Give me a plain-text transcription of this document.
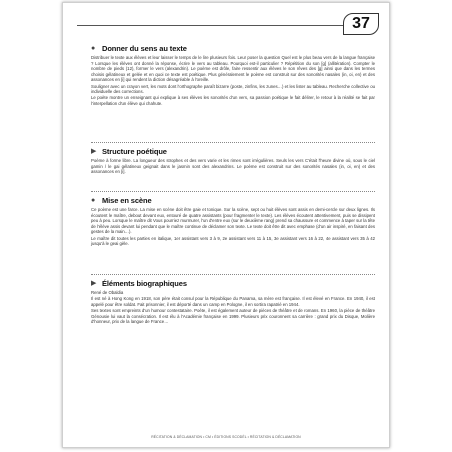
37
● Donner du sens au texte

Distribuer le texte aux élèves et leur laisser le temps de le lire plusieurs fois. Leur poser la question Quel est le plus beau vers de la langue française ? Lorsque les élèves ont donné la réponse, écrire le vers au tableau. Pourquoi est-il particulier ? Répétition du son [g] (allitération). Compter le nombre de pieds (12), former le vers (alexandrin). Le poème est drôle, faire ressentir aux élèves le son rêves des [g] ainsi que dans les termes choisis gélatineux et gelée et en quoi ce texte est poétique. Plus généralement le poème est construit sur des sonorités nasales (in, oi, en) et des assonances en [i] qui rendent la diction désagréable à l'oreille.

Souligner avec un crayon vert, les mots dont l'orthographe paraît bizarre (poste, zinfins, les zunes…) et les lister au tableau. Recherche collective ou individuelle des corrections.

Le poète montre un enseignant qui explique à ses élèves les sonorités d'un vers, sa passion poétique le fait délirer, le retour à la réalité se fait par l'interpellation d'un élève qui chahute.

▶ Structure poétique

Poème à forme libre. La longueur des strophes et des vers varie et les rimes sont irrégulières. Seuls les vers C'était l'heure divine où, sous le ciel gamin / le gai gélatineux geignait dans le jasmin sont des alexandrins. Le poème est construit sur des sonorités nasales (in, oi, en) et des assonances en [i].

● Mise en scène

Ce poème est une farce. La mise en scène doit être gaie et tonique. Sur la scène, sept ou huit élèves sont assis en demi-cercle sur deux lignes. Ils écoutent le maître, debout devant eux, entouré de quatre assistants (pour fragmenter le texte). Les élèves écoutent attentivement, puis se dissipent peu à peu. Lorsque le maître dit Vous pourriez murmurer, l'un d'entre eux (sur le deuxième rang) prend sa chaussure et commence à taper sur la tête de l'élève assis devant lui pendant que le maître continue de déclamer son texte. Le texte doit être dit avec emphase (d'un air inspiré, en faisant des gestes de la main…).

Le maître dit toutes les parties en italique, 1er assistant vers 3 à 9, 2e assistant vers 11 à 15, 3e assistant vers 16 à 22, 4e assistant vers 35 à 42 jusqu'à le geai gèle.

▶ Éléments biographiques

René de Obaldia

Il est né à Hong Kong en 1918, son père était consul pour la République du Panama, sa mère est française. Il est élevé en France. En 1940, il est appelé pour être soldat. Fait prisonnier, il est déporté dans un camp en Pologne, il en sortira rapatrié en 1944.

Ses textes sont empreints d'un humour contestataire. Poète, il est également auteur de pièces de théâtre et de romans. En 1960, la pièce de théâtre Génousie lui vaut la consécration. Il est élu à l'Académie française en 1999. Plusieurs prix couronnent sa carrière : grand prix du Disque, Molière d'honneur, prix de la langue de France…

RÉCITATION & DÉCLAMATION • CM • ÉDITIONS SCODÉL • RÉCITATION & DÉCLAMATION
